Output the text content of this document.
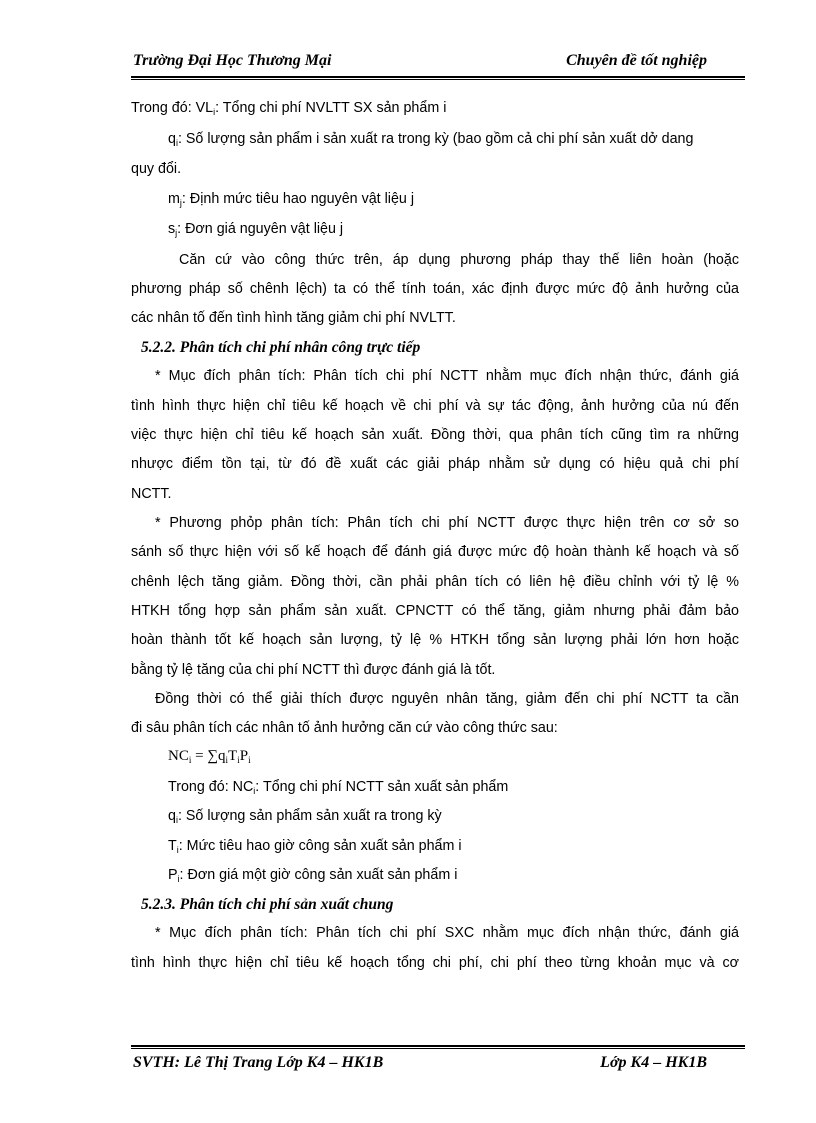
Trường Đại Học Thương Mại	Chuyên đề tốt nghiệp
Trong đó: $VL_i$: Tổng chi phí NVLTT SX sản phẩm i
$q_i$: Số lượng sản phẩm i sản xuất ra trong kỳ (bao gồm cả chi phí sản xuất dở dang
quy đổi.
$m_j$: Định mức tiêu hao nguyên vật liệu j
$s_j$: Đơn giá nguyên vật liệu j
Căn cứ vào công thức trên, áp dụng phương pháp thay thế liên hoàn (hoặc
phương pháp số chênh lệch) ta có thể tính toán, xác định được mức độ ảnh hưởng của
các nhân tố đến tình hình tăng giảm chi phí NVLTT.
5.2.2. Phân tích chi phí nhân công trực tiếp
* Mục đích phân tích: Phân tích chi phí NCTT nhằm mục đích nhận thức, đánh giá
tình hình thực hiện chỉ tiêu kế hoạch về chi phí và sự tác động, ảnh hưởng của nú đến
việc thực hiện chỉ tiêu kế hoạch sản xuất. Đồng thời, qua phân tích cũng tìm ra những
nhược điểm tồn tại, từ đó đề xuất các giải pháp nhằm sử dụng có hiệu quả chi phí
NCTT.
* Phương phỏp phân tích: Phân tích chi phí NCTT được thực hiện trên cơ sở so
sánh số thực hiện với số kế hoạch để đánh giá được mức độ hoàn thành kế hoạch và số
chênh lệch tăng giảm. Đồng thời, cần phải phân tích có liên hệ điều chỉnh với tỷ lệ %
HTKH tổng hợp sản phẩm sản xuất. CPNCTT có thể tăng, giảm nhưng phải đảm bảo
hoàn thành tốt kế hoạch sản lượng, tỷ lệ % HTKH tổng sản lượng phải lớn hơn hoặc
bằng tỷ lệ tăng của chi phí NCTT thì được đánh giá là tốt.
Đồng thời có thể giải thích được nguyên nhân tăng, giảm đến chi phí NCTT ta cần
đi sâu phân tích các nhân tố ảnh hưởng căn cứ vào công thức sau:
$NC_i = \sum q_iT_iP_i$
Trong đó: $NC_i$: Tổng chi phí NCTT sản xuất sản phẩm
$q_i$: Số lượng sản phẩm sản xuất ra trong kỳ
$T_i$: Mức tiêu hao giờ công sản xuất sản phẩm i
$P_i$: Đơn giá một giờ công sản xuất sản phẩm i
5.2.3. Phân tích chi phí sản xuất chung
* Mục đích phân tích: Phân tích chi phí SXC nhằm mục đích nhận thức, đánh giá
tình hình thực hiện chỉ tiêu kế hoạch tổng chi phí, chi phí theo từng khoản mục và cơ
SVTH: Lê Thị Trang Lớp K4 – HK1B	Lớp K4 – HK1B
